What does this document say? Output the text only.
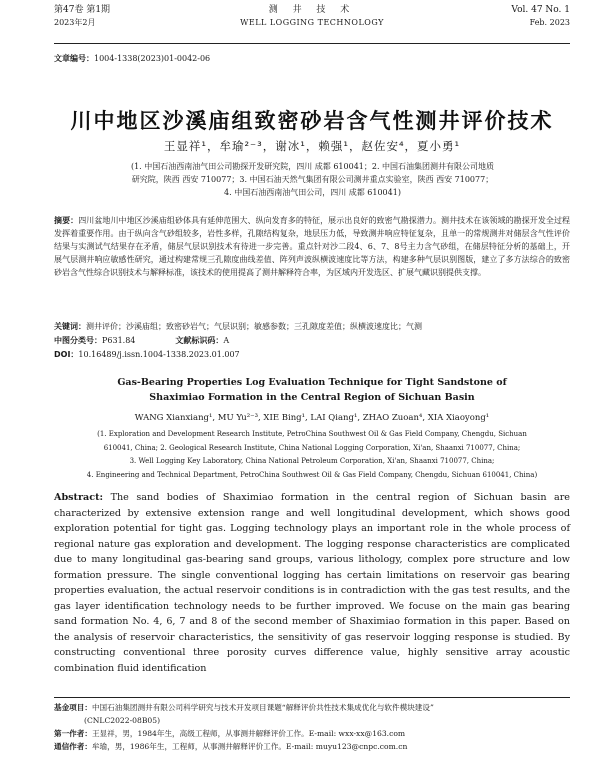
第47卷 第1期	测 井 技 术	Vol. 47 No. 1
2023年2月	WELL LOGGING TECHNOLOGY	Feb. 2023
文章编号：1004-1338(2023)01-0042-06
川中地区沙溪庙组致密砂岩含气性测井评价技术
王显祥¹，牟瑜²⁻³，谢冰¹，赖强¹，赵佐安⁴，夏小勇¹
(1. 中国石油西南油气田公司勘探开发研究院，四川 成都 610041；2. 中国石油集团测井有限公司地质
研究院，陕西 西安 710077；3. 中国石油天然气集团有限公司测井重点实验室，陕西 西安 710077；
4. 中国石油西南油气田公司，四川 成都 610041)
摘要：四川盆地川中地区沙溪庙组砂体具有延伸范围大、纵向发育多的特征，展示出良好的致密气勘探潜力。测井技术在该领域的勘探开发全过程发挥着重要作用。由于纵向含气砂组较多，岩性多样，孔隙结构复杂，地层压力低，导致测井响应特征复杂，且单一的常规测井对储层含气性评价结果与实测试气结果存在矛盾，储层气层识别技术有待进一步完善。重点针对沙二段4、6、7、8号主力含气砂组，在储层特征分析的基础上，开展气层测井响应敏感性研究，通过构建常规三孔隙度曲线差值、阵列声波纵横波速度比等方法，构建多种气层识别图版，建立了多方法综合的致密砂岩含气性综合识别技术与解释标准，该技术的使用提高了测井解释符合率，为区域内开发选区、扩展气藏识别提供支撑。
关键词：测井评价；沙溪庙组；致密砂岩气；气层识别；敏感参数；三孔隙度差值；纵横波速度比；气测
中图分类号：P631.84	文献标识码：A
DOI：10.16489/j.issn.1004-1338.2023.01.007
Gas-Bearing Properties Log Evaluation Technique for Tight Sandstone of
Shaximiao Formation in the Central Region of Sichuan Basin
WANG Xianxiang¹, MU Yu²⁻³, XIE Bing¹, LAI Qiang¹, ZHAO Zuoan⁴, XIA Xiaoyong¹
(1. Exploration and Development Research Institute, PetroChina Southwest Oil & Gas Field Company, Chengdu, Sichuan
610041, China; 2. Geological Research Institute, China National Logging Corporation, Xi'an, Shaanxi 710077, China;
3. Well Logging Key Laboratory, China National Petroleum Corporation, Xi'an, Shaanxi 710077, China;
4. Engineering and Technical Department, PetroChina Southwest Oil & Gas Field Company, Chengdu, Sichuan 610041, China)
Abstract: The sand bodies of Shaximiao formation in the central region of Sichuan basin are characterized by extensive extension range and well longitudinal development, which shows good exploration potential for tight gas. Logging technology plays an important role in the whole process of regional nature gas exploration and development. The logging response characteristics are complicated due to many longitudinal gas-bearing sand groups, various lithology, complex pore structure and low formation pressure. The single conventional logging has certain limitations on reservoir gas bearing properties evaluation, the actual reservoir conditions is in contradiction with the gas test results, and the gas layer identification technology needs to be further improved. We focuse on the main gas bearing sand formation No. 4, 6, 7 and 8 of the second member of Shaximiao formation in this paper. Based on the analysis of reservoir characteristics, the sensitivity of gas reservoir logging response is studied. By constructing conventional three porosity curves difference value, highly sensitive array acoustic combination fluid identification
基金项目：中国石油集团测井有限公司科学研究与技术开发项目课题“解释评价共性技术集成优化与软件模块建设”
(CNLC2022-08B05)
第一作者：王显祥，男，1984年生，高级工程师，从事测井解释评价工作。E-mail: wxx-xx@163.com
通信作者：牟瑜，男，1986年生，工程师，从事测井解释评价工作。E-mail: muyu123@cnpc.com.cn
